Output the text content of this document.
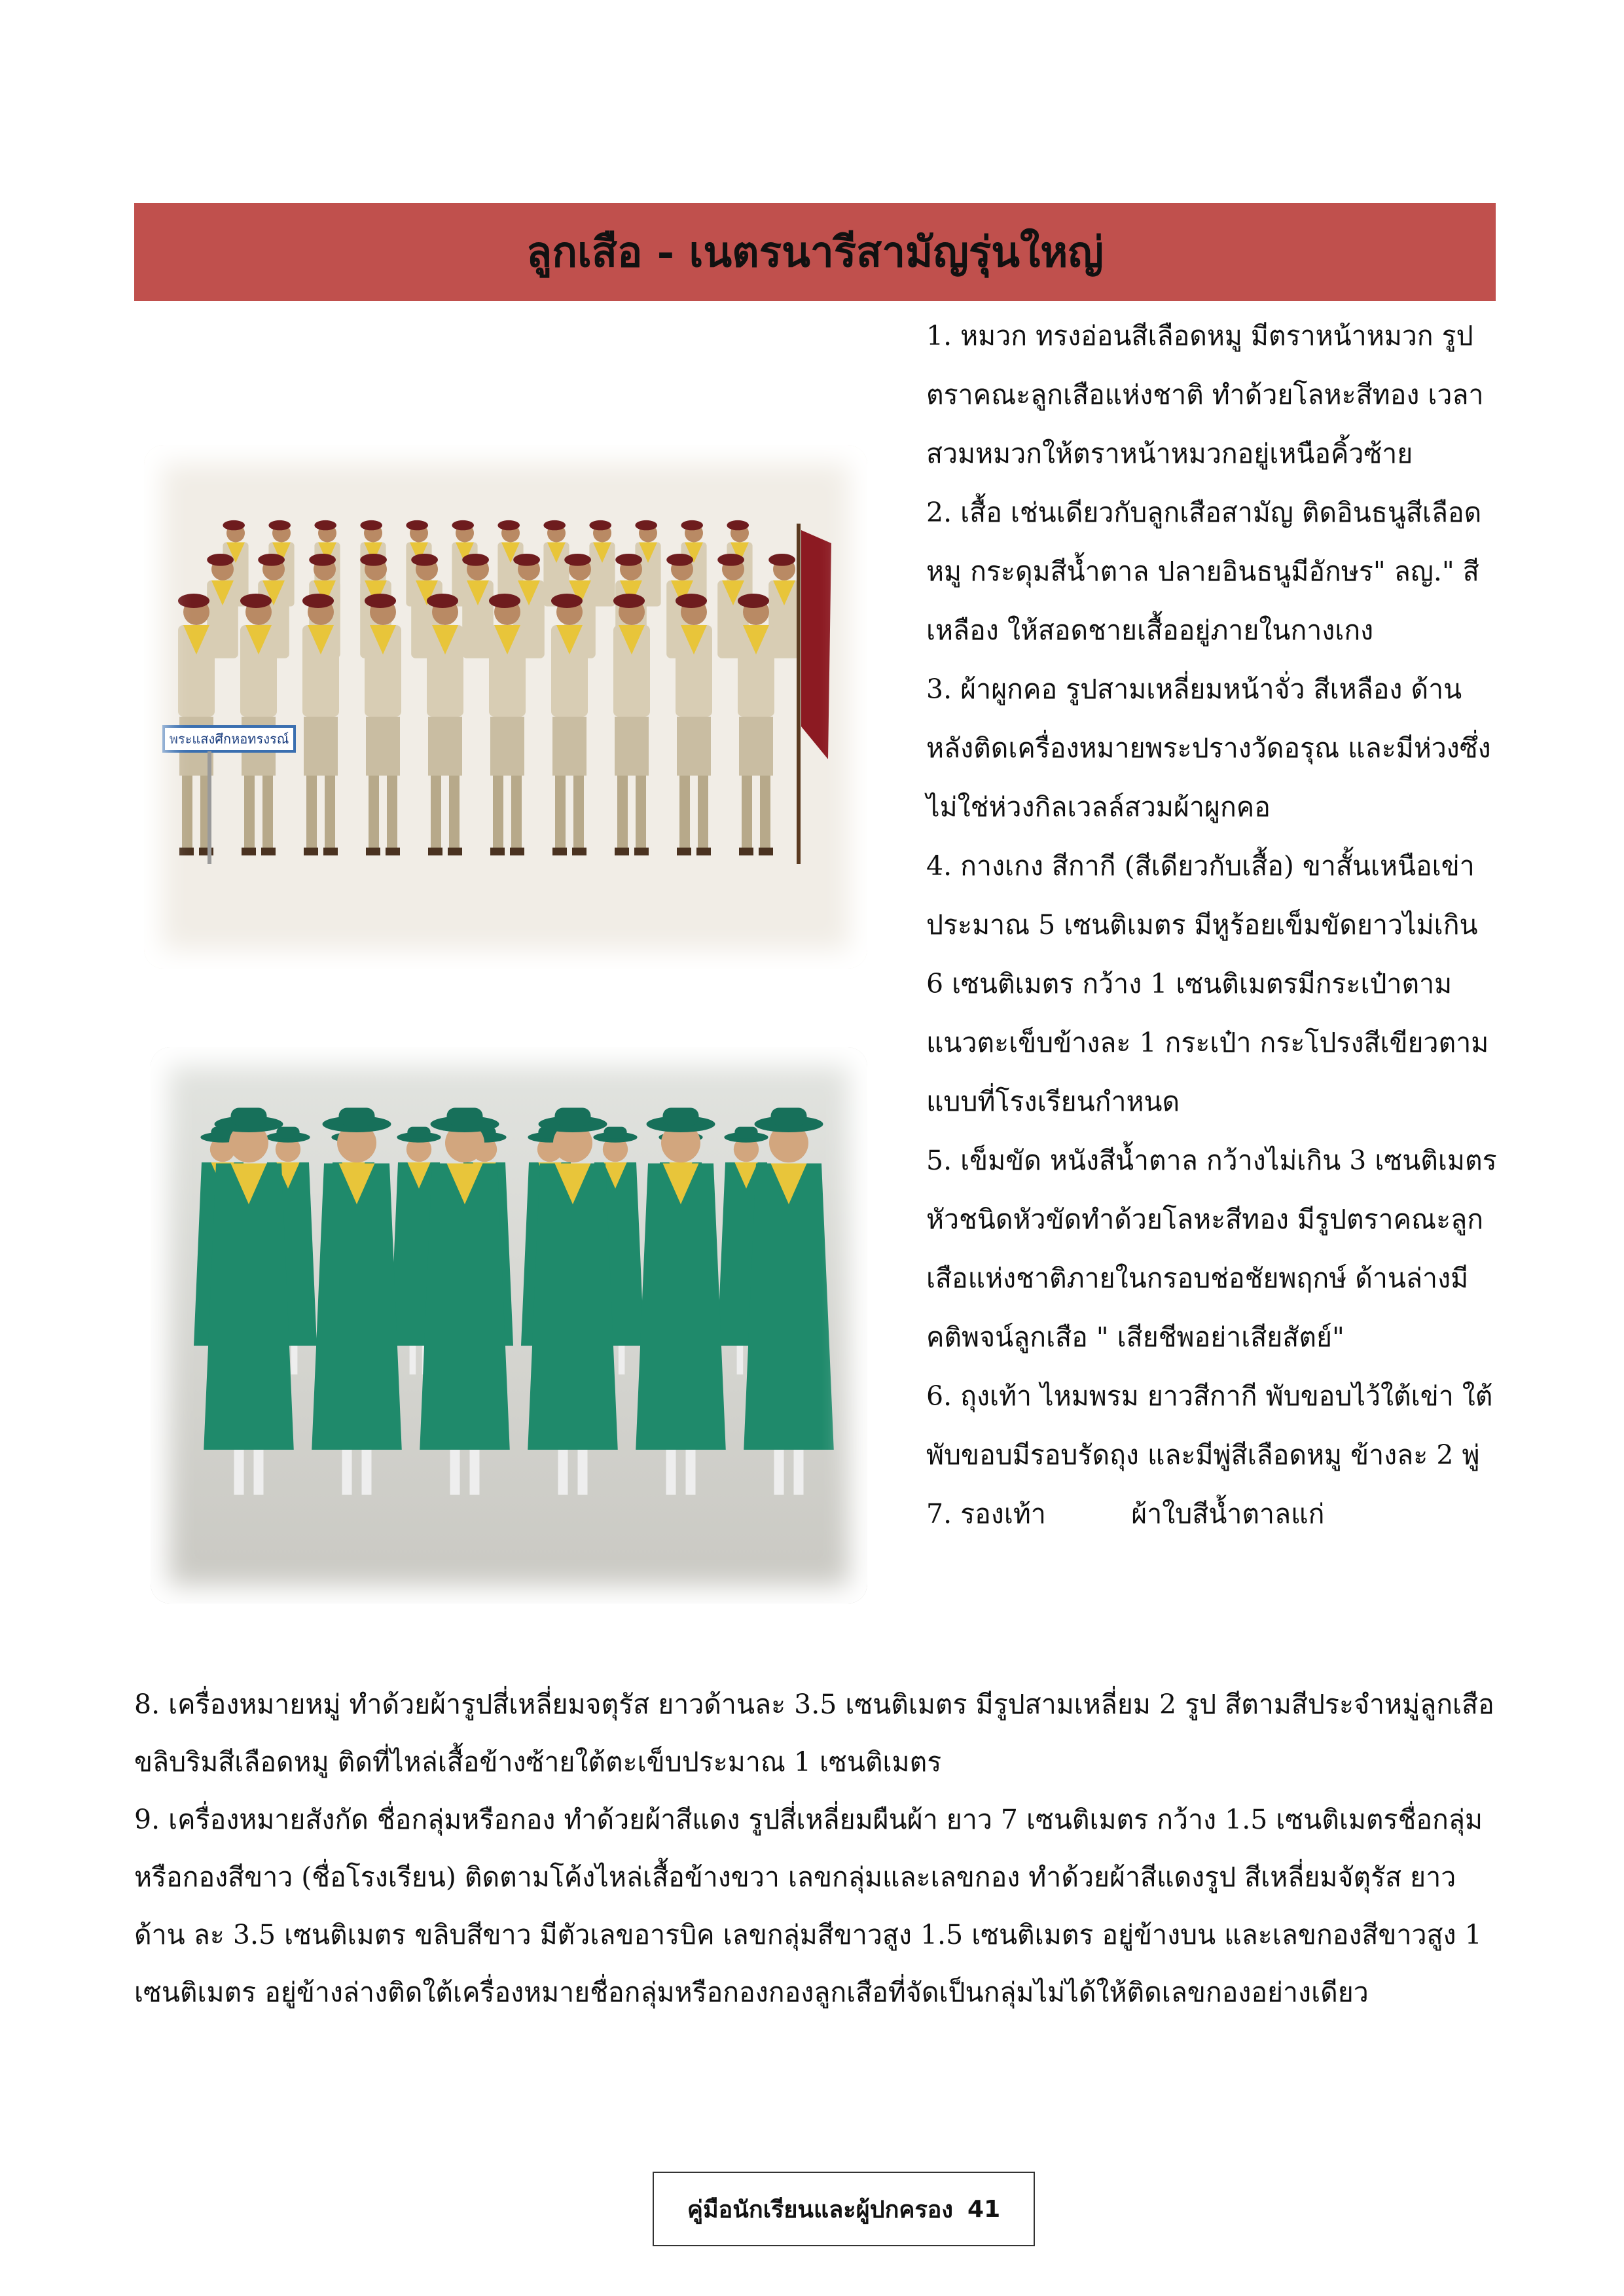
ลูกเสือ - เนตรนารีสามัญรุ่นใหญ่
พระแสงศึกหอทรงรณ์

1. หมวก ทรงอ่อนสีเลือดหมู มีตราหน้าหมวก รูปตราคณะลูกเสือแห่งชาติ ทำด้วยโลหะสีทอง เวลาสวมหมวกให้ตราหน้าหมวกอยู่เหนือคิ้วซ้าย

2. เสื้อ เช่นเดียวกับลูกเสือสามัญ ติดอินธนูสีเลือดหมู กระดุมสีน้ำตาล ปลายอินธนูมีอักษร" ลญ." สีเหลือง ให้สอดชายเสื้ออยู่ภายในกางเกง

3. ผ้าผูกคอ รูปสามเหลี่ยมหน้าจั่ว สีเหลือง ด้านหลังติดเครื่องหมายพระปรางวัดอรุณ และมีห่วงซึ่งไม่ใช่ห่วงกิลเวลล์สวมผ้าผูกคอ

4. กางเกง สีกากี (สีเดียวกับเสื้อ) ขาสั้นเหนือเข่าประมาณ 5 เซนติเมตร มีหูร้อยเข็มขัดยาวไม่เกิน 6 เซนติเมตร กว้าง 1 เซนติเมตรมีกระเป๋าตามแนวตะเข็บข้างละ 1 กระเป๋า กระโปรงสีเขียวตามแบบที่โรงเรียนกำหนด

5. เข็มขัด หนังสีน้ำตาล กว้างไม่เกิน 3 เซนติเมตร หัวชนิดหัวขัดทำด้วยโลหะสีทอง มีรูปตราคณะลูกเสือแห่งชาติภายในกรอบช่อชัยพฤกษ์ ด้านล่างมีคติพจน์ลูกเสือ " เสียชีพอย่าเสียสัตย์"

6. ถุงเท้า ไหมพรม ยาวสีกากี พับขอบไว้ใต้เข่า ใต้พับขอบมีรอบรัดถุง และมีพู่สีเลือดหมู ข้างละ 2 พู่

7. รองเท้า          ผ้าใบสีน้ำตาลแก่

8. เครื่องหมายหมู่ ทำด้วยผ้ารูปสี่เหลี่ยมจตุรัส ยาวด้านละ 3.5 เซนติเมตร มีรูปสามเหลี่ยม 2 รูป สีตามสีประจำหมู่ลูกเสือ ขลิบริมสีเลือดหมู ติดที่ไหล่เสื้อข้างซ้ายใต้ตะเข็บประมาณ 1 เซนติเมตร

9. เครื่องหมายสังกัด ชื่อกลุ่มหรือกอง ทำด้วยผ้าสีแดง รูปสี่เหลี่ยมผืนผ้า ยาว 7 เซนติเมตร กว้าง 1.5 เซนติเมตรชื่อกลุ่มหรือกองสีขาว (ชื่อโรงเรียน) ติดตามโค้งไหล่เสื้อข้างขวา เลขกลุ่มและเลขกอง ทำด้วยผ้าสีแดงรูป สีเหลี่ยมจัตุรัส ยาวด้าน ละ 3.5 เซนติเมตร ขลิบสีขาว มีตัวเลขอารบิค เลขกลุ่มสีขาวสูง 1.5 เซนติเมตร อยู่ข้างบน และเลขกองสีขาวสูง 1 เซนติเมตร อยู่ข้างล่างติดใต้เครื่องหมายชื่อกลุ่มหรือกองกองลูกเสือที่จัดเป็นกลุ่มไม่ได้ให้ติดเลขกองอย่างเดียว

คู่มือนักเรียนและผู้ปกครอง 41
